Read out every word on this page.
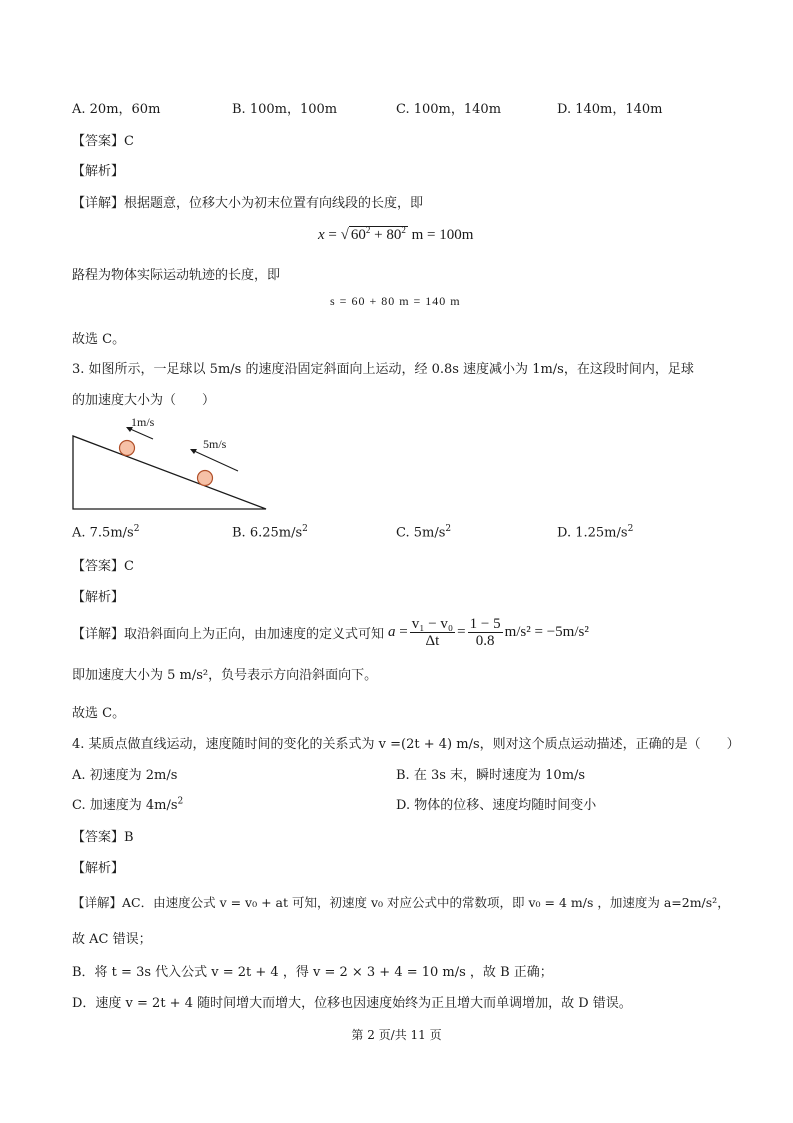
A. 20m，60m	B. 100m，100m	C. 100m，140m	D. 140m，140m
【答案】C
【解析】
【详解】根据题意，位移大小为初末位置有向线段的长度，即
x = √ $60^2 + 80^2$ m = 100m
路程为物体实际运动轨迹的长度，即
s = 60 + 80 m = 140 m
故选 C。
3. 如图所示，一足球以 5m/s 的速度沿固定斜面向上运动，经 0.8s 速度减小为 1m/s，在这段时间内，足球
的加速度大小为（　　）
1m/s
5m/s
A. $7.5m/s^2$	B. $6.25m/s^2$	C. $5m/s^2$	D. $1.25m/s^2$
【答案】C
【解析】
【详解】取沿斜面向上为正向，由加速度的定义式可知 $a = \frac{\text{v₁ − v₀}}{\Delta t} = \frac{1 - 5}{0.8} m/s^2 = -5m/s^2$
即加速度大小为 5 m/s²，负号表示方向沿斜面向下。
故选 C。
4. 某质点做直线运动，速度随时间的变化的关系式为 v =(2t + 4) m/s，则对这个质点运动描述，正确的是（　　）
A. 初速度为 2m/s	B. 在 3s 末，瞬时速度为 10m/s
C. 加速度为 $4m/s^2$	D. 物体的位移、速度均随时间变小
【答案】B
【解析】
【详解】AC．由速度公式 v = v₀ + at 可知，初速度 v₀ 对应公式中的常数项，即 v₀ = 4 m/s ，加速度为 a=2m/s²，
故 AC 错误；
B．将 t = 3s 代入公式 v = 2t + 4 ，得 v = 2 × 3 + 4 = 10 m/s ，故 B 正确；
D．速度 v = 2t + 4 随时间增大而增大，位移也因速度始终为正且增大而单调增加，故 D 错误。
第 2 页/共 11 页
